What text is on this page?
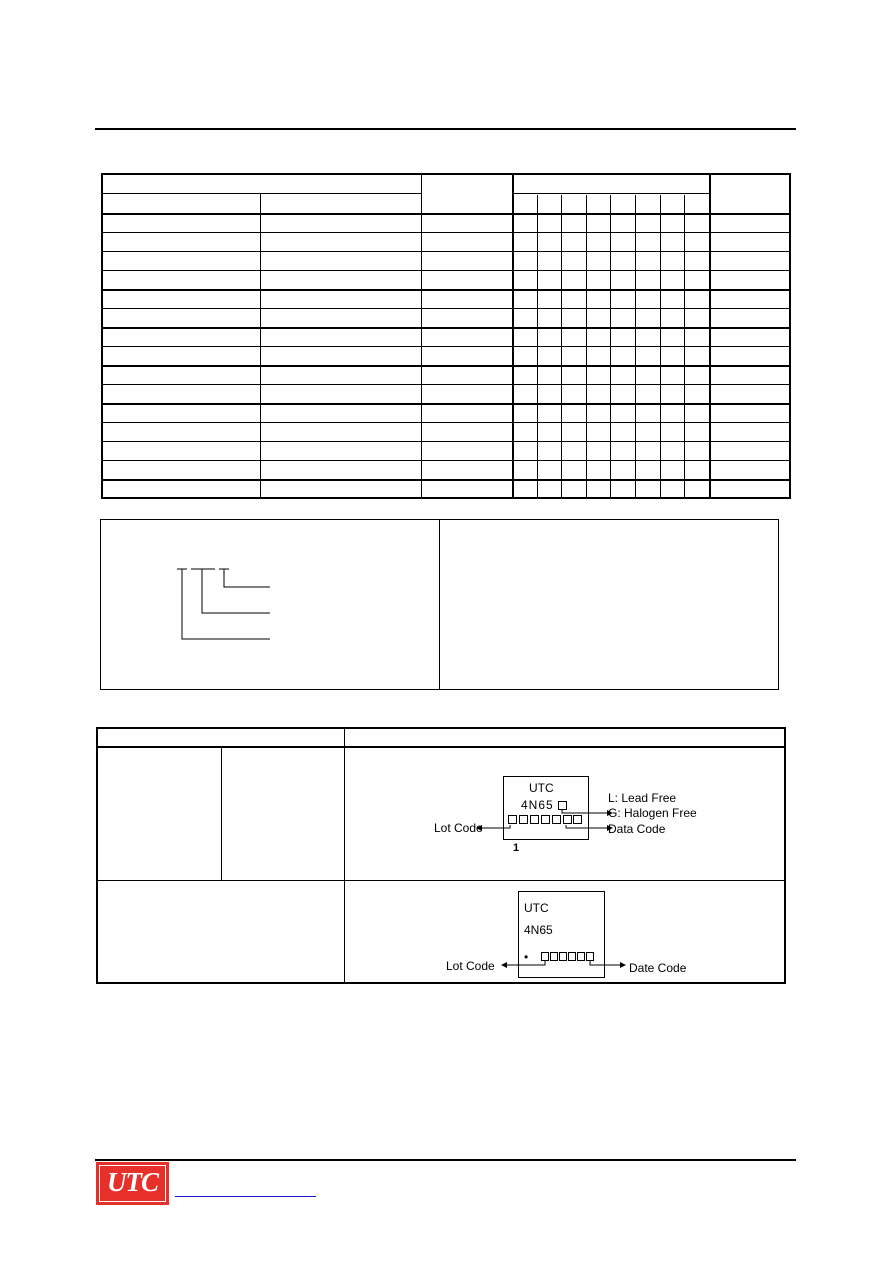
UTC
4N65
1
L: Lead Free
G: Halogen Free
Lot Code	Data Code
UTC
4N65
•
Lot Code	Date Code
UTC
